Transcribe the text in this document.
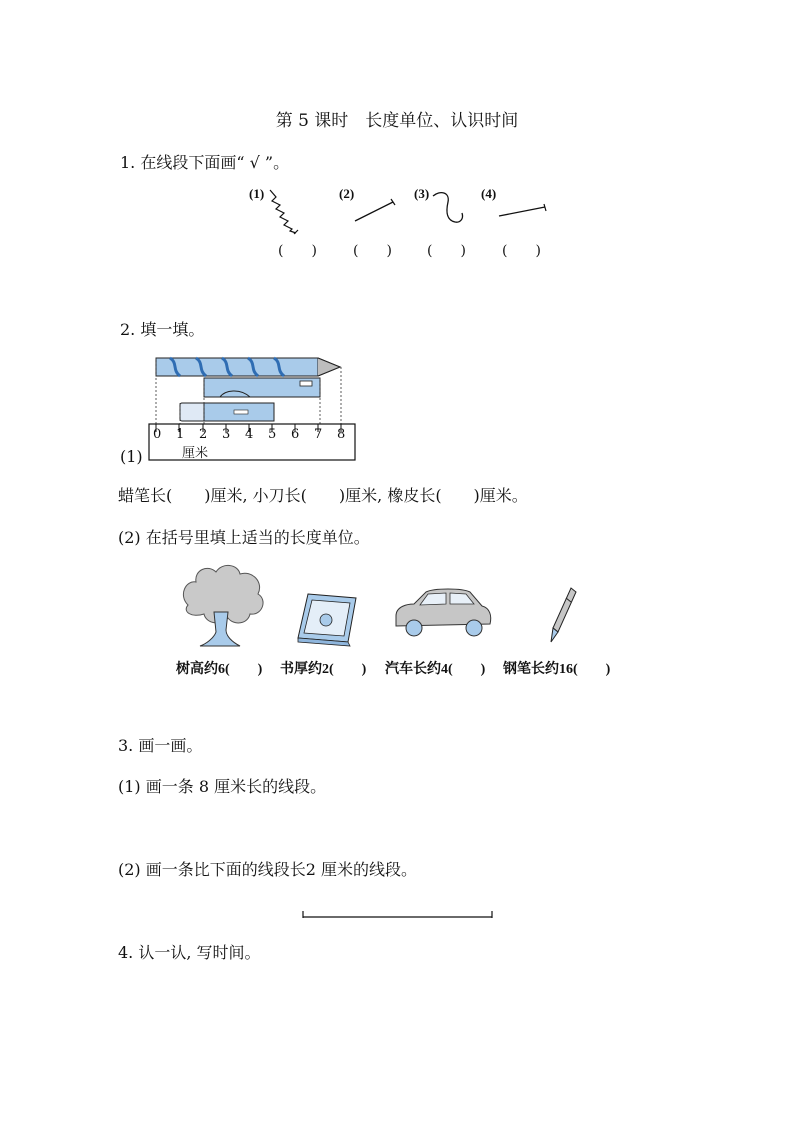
第 5 课时　长度单位、认识时间
1. 在线段下面画“ √ ”。
(1)	(2)	(3)	(4)
(　　)	(　　)	(　　)	(　　)
2. 填一填。
0 1 2 3 4 5 6 7 8
厘米
(1)
蜡笔长(　　)厘米, 小刀长(　　)厘米, 橡皮长(　　)厘米。
(2) 在括号里填上适当的长度单位。
树高约6(　　) 书厚约2(　　) 汽车长约4(　　) 钢笔长约16(　　)
3. 画一画。
(1) 画一条 8 厘米长的线段。
(2) 画一条比下面的线段长2 厘米的线段。
4. 认一认, 写时间。
